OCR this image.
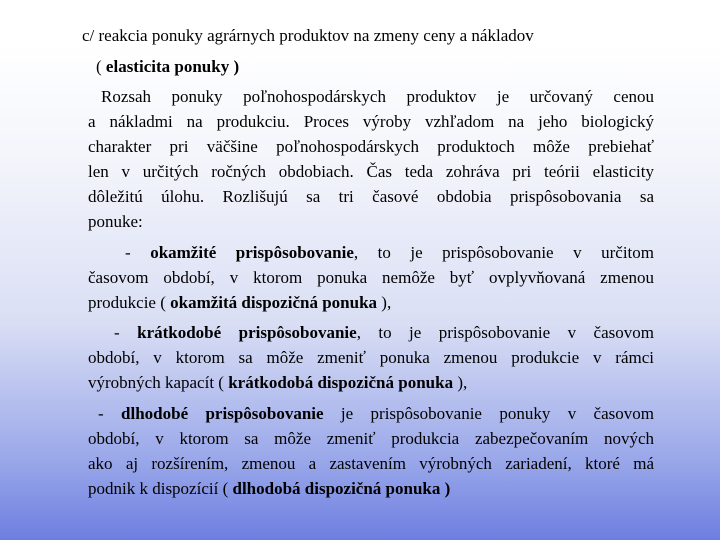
c/ reakcia ponuky agrárnych produktov na zmeny ceny a nákladov
( elasticita ponuky )
Rozsah ponuky poľnohospodárskych produktov je určovaný cenou
a nákladmi na produkciu. Proces výroby vzhľadom na jeho biologický
charakter pri väčšine poľnohospodárskych produktoch môže prebiehať
len v určitých ročných obdobiach. Čas teda zohráva pri teórii elasticity
dôležitú úlohu. Rozlišujú sa tri časové obdobia prispôsobovania sa
ponuke:
- okamžité prispôsobovanie, to je prispôsobovanie v určitom
časovom období, v ktorom ponuka nemôže byť ovplyvňovaná zmenou
produkcie ( okamžitá dispozičná ponuka ),
- krátkodobé prispôsobovanie, to je prispôsobovanie v časovom
období, v ktorom sa môže zmeniť ponuka zmenou produkcie v rámci
výrobných kapacít ( krátkodobá dispozičná ponuka ),
- dlhodobé prispôsobovanie je prispôsobovanie ponuky v časovom
období, v ktorom sa môže zmeniť produkcia zabezpečovaním nových
ako aj rozšírením, zmenou a zastavením výrobných zariadení, ktoré má
podnik k dispozícií ( dlhodobá dispozičná ponuka )
